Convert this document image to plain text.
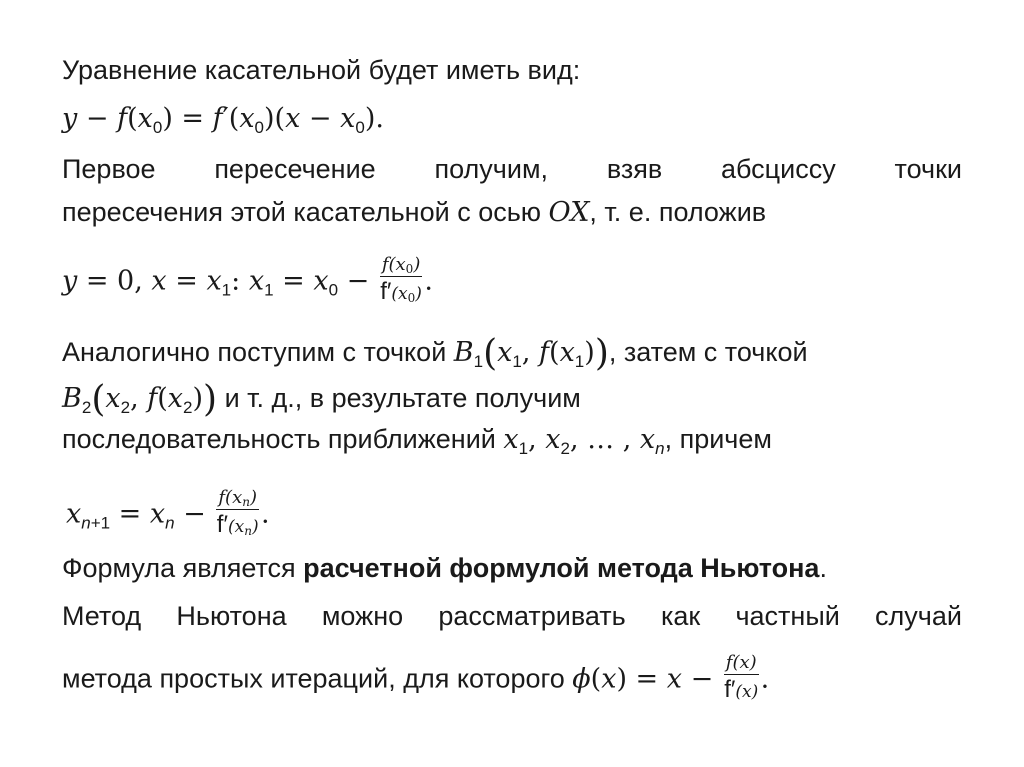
Уравнение касательной будет иметь вид:
$y - f(x_0) = f'(x_0)(x - x_0)$.
Первое пересечение получим, взяв абсциссу точки
пересечения этой касательной с осью OX, т. е. положив
y = 0, $x = x_1$: $x_1 = x_0 - \frac{f(x_0)}{f'(x_0)}$ .
Аналогично поступим с точкой $B_1(x_1$, $f(x_1)$), затем с точкой
$B_2(x_2$, $f(x_2)$) и т. д., в результате получим
последовательность приближений $x_1$, $x_2$, … , $x_n$, причем
$x_{n+1} = x_n - \frac{f(x_n)}{f'(x_n)}$ .
Формула является расчетной формулой метода Ньютона.
Метод Ньютона можно рассматривать как частный случай
метода простых итераций, для которого $\phi(x) = x - \frac{f(x)}{f'(x)}$ .
